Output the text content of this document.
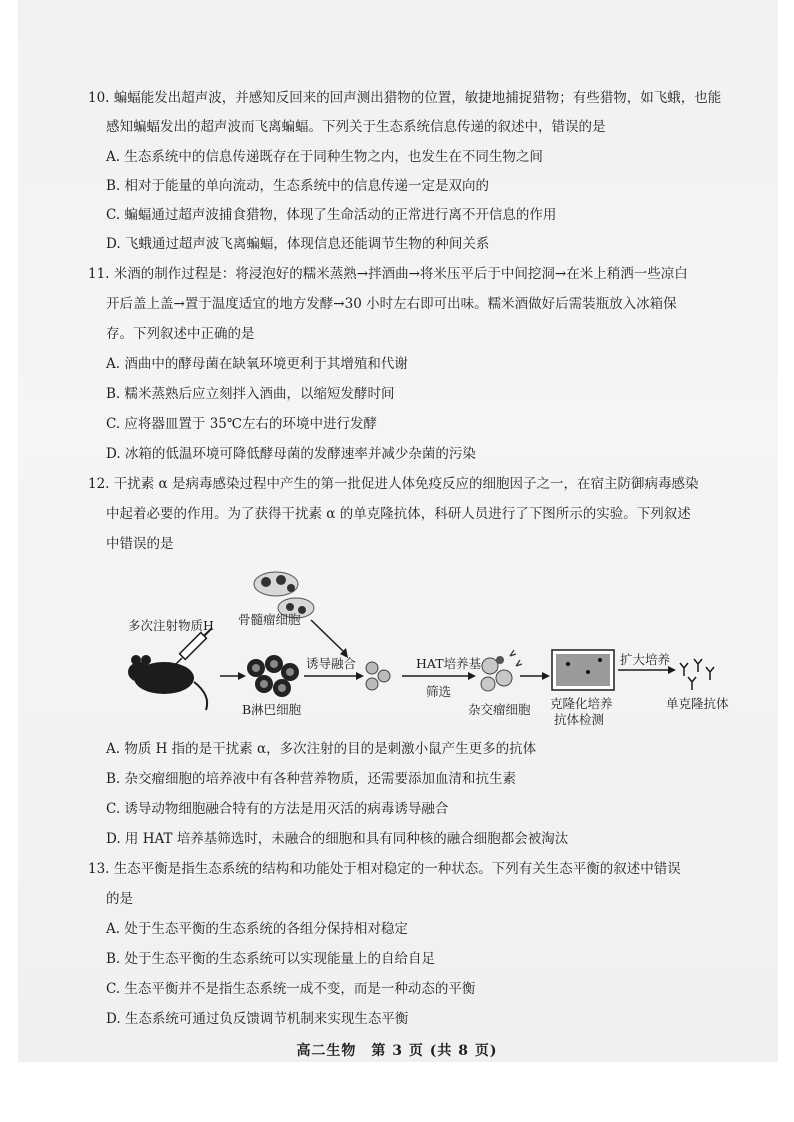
10. 蝙蝠能发出超声波，并感知反回来的回声测出猎物的位置，敏捷地捕捉猎物；有些猎物，如飞蛾，也能
感知蝙蝠发出的超声波而飞离蝙蝠。下列关于生态系统信息传递的叙述中，错误的是
A. 生态系统中的信息传递既存在于同种生物之内，也发生在不同生物之间
B. 相对于能量的单向流动，生态系统中的信息传递一定是双向的
C. 蝙蝠通过超声波捕食猎物，体现了生命活动的正常进行离不开信息的作用
D. 飞蛾通过超声波飞离蝙蝠，体现信息还能调节生物的种间关系
11. 米酒的制作过程是：将浸泡好的糯米蒸熟→拌酒曲→将米压平后于中间挖洞→在米上稍洒一些凉白
开后盖上盖→置于温度适宜的地方发酵→30 小时左右即可出味。糯米酒做好后需装瓶放入冰箱保
存。下列叙述中正确的是
A. 酒曲中的酵母菌在缺氧环境更利于其增殖和代谢
B. 糯米蒸熟后应立刻拌入酒曲，以缩短发酵时间
C. 应将器皿置于 35℃左右的环境中进行发酵
D. 冰箱的低温环境可降低酵母菌的发酵速率并减少杂菌的污染
12. 干扰素 α 是病毒感染过程中产生的第一批促进人体免疫反应的细胞因子之一，在宿主防御病毒感染
中起着必要的作用。为了获得干扰素 α 的单克隆抗体，科研人员进行了下图所示的实验。下列叙述
中错误的是
多次注射物质H 骨髓瘤细胞
B淋巴细胞
诱导融合	HAT培养基
筛选
杂交瘤细胞 克隆化培养
抗体检测
扩大培养
单克隆抗体
A. 物质 H 指的是干扰素 α，多次注射的目的是刺激小鼠产生更多的抗体
B. 杂交瘤细胞的培养液中有各种营养物质，还需要添加血清和抗生素
C. 诱导动物细胞融合特有的方法是用灭活的病毒诱导融合
D. 用 HAT 培养基筛选时，未融合的细胞和具有同种核的融合细胞都会被淘汰
13. 生态平衡是指生态系统的结构和功能处于相对稳定的一种状态。下列有关生态平衡的叙述中错误
的是
A. 处于生态平衡的生态系统的各组分保持相对稳定
B. 处于生态平衡的生态系统可以实现能量上的自给自足
C. 生态平衡并不是指生态系统一成不变，而是一种动态的平衡
D. 生态系统可通过负反馈调节机制来实现生态平衡
高二生物　第 3 页 (共 8 页)
